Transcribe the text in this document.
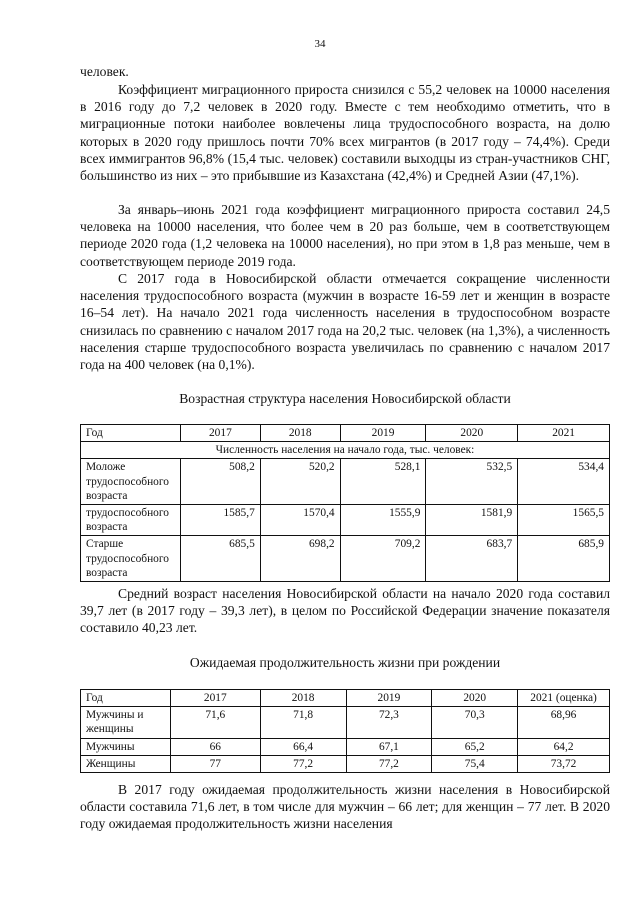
34

человек.

Коэффициент миграционного прироста снизился с 55,2 человек на 10000 населения в 2016 году до 7,2 человек в 2020 году. Вместе с тем необходимо отметить, что в миграционные потоки наиболее вовлечены лица трудоспособного возраста, на долю которых в 2020 году пришлось почти 70% всех мигрантов (в 2017 году – 74,4%). Среди всех иммигрантов 96,8% (15,4 тыс. человек) составили выходцы из стран-участников СНГ, большинство из них – это прибывшие из Казахстана (42,4%) и Средней Азии (47,1%).

За январь–июнь 2021 года коэффициент миграционного прироста составил 24,5 человека на 10000 населения, что более чем в 20 раз больше, чем в соответствующем периоде 2020 года (1,2 человека на 10000 населения), но при этом в 1,8 раз меньше, чем в соответствующем периоде 2019 года.

С 2017 года в Новосибирской области отмечается сокращение численности населения трудоспособного возраста (мужчин в возрасте 16-59 лет и женщин в возрасте 16–54 лет). На начало 2021 года численность населения в трудоспособном возрасте снизилась по сравнению с началом 2017 года на 20,2 тыс. человек (на 1,3%), а численность населения старше трудоспособного возраста увеличилась по сравнению с началом 2017 года на 400 человек (на 0,1%).

Возрастная структура населения Новосибирской области

Год	2017	2018	2019	2020	2021
Численность населения на начало года, тыс. человек:					
Моложе трудоспособного возраста	508,2	520,2	528,1	532,5	534,4
трудоспособного возраста	1585,7	1570,4	1555,9	1581,9	1565,5
Старше трудоспособного возраста	685,5	698,2	709,2	683,7	685,9

Средний возраст населения Новосибирской области на начало 2020 года составил 39,7 лет (в 2017 году – 39,3 лет), в целом по Российской Федерации значение показателя составило 40,23 лет.

Ожидаемая продолжительность жизни при рождении

Год	2017	2018	2019	2020	2021 (оценка)
Мужчины и женщины	71,6	71,8	72,3	70,3	68,96
Мужчины	66	66,4	67,1	65,2	64,2
Женщины	77	77,2	77,2	75,4	73,72

В 2017 году ожидаемая продолжительность жизни населения в Новосибирской области составила 71,6 лет, в том числе для мужчин – 66 лет; для женщин – 77 лет. В 2020 году ожидаемая продолжительность жизни населения
